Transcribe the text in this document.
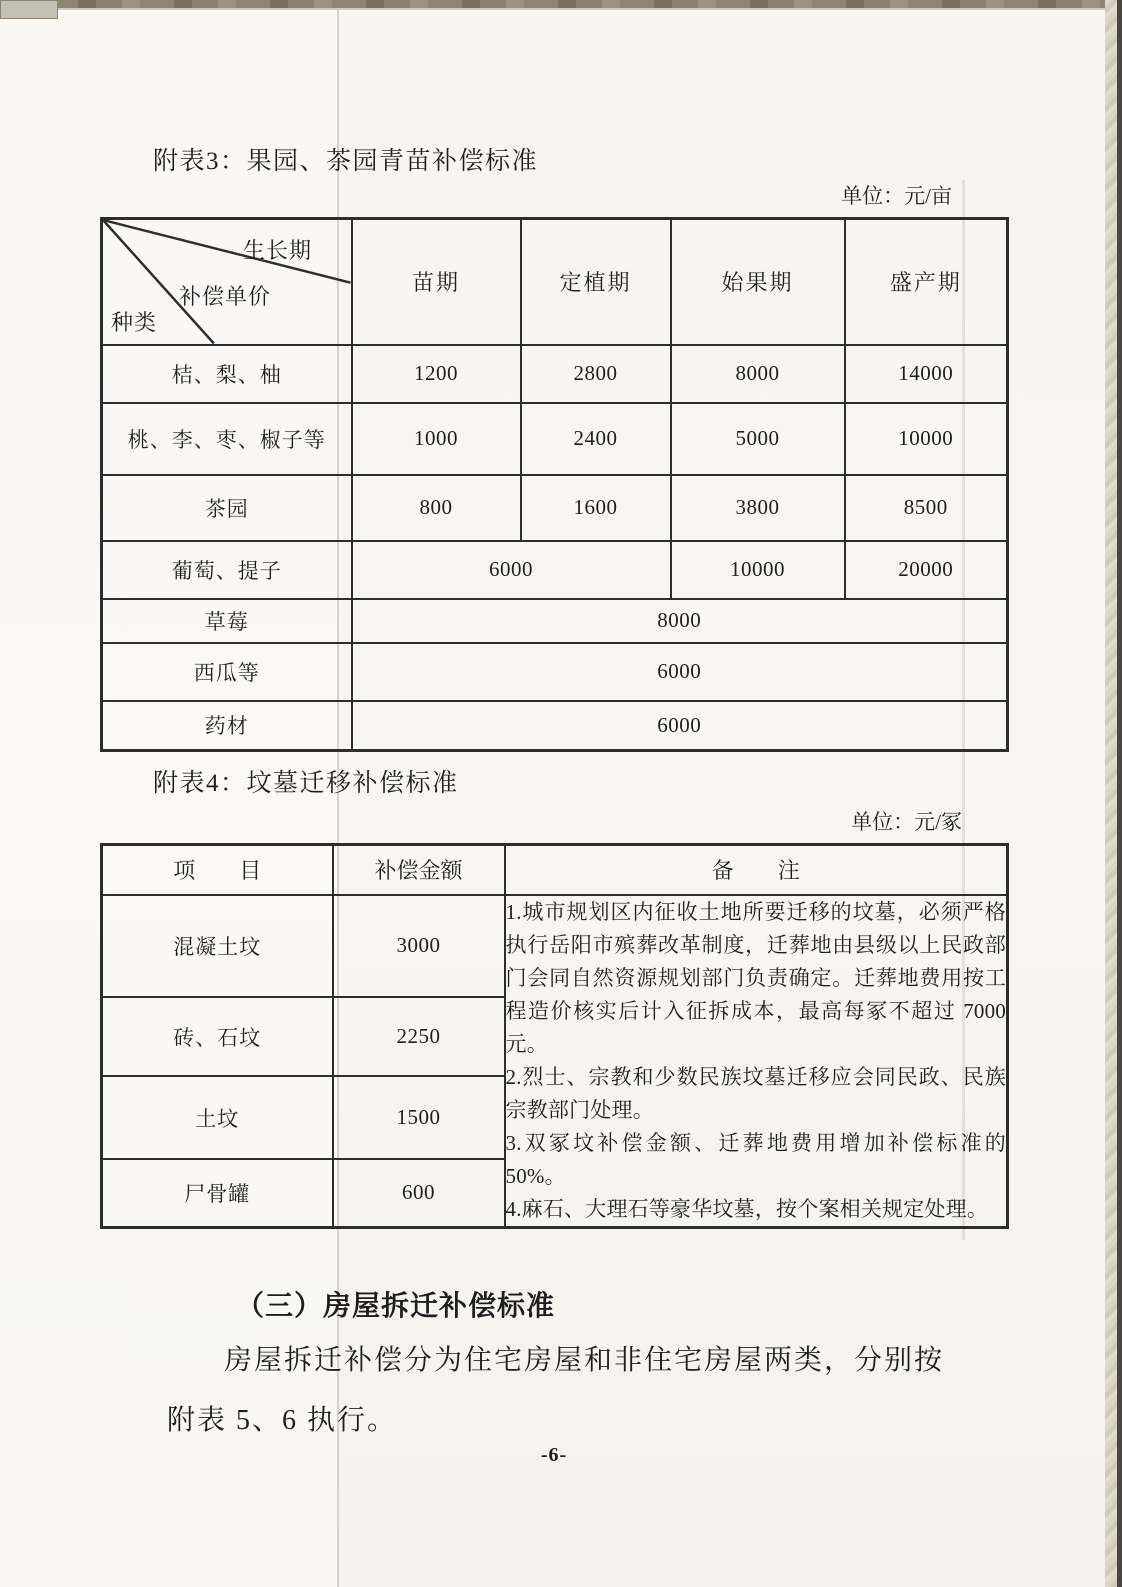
附表3：果园、茶园青苗补偿标准
单位：元/亩
生长期
补偿单价
种类	苗期	定植期	始果期	盛产期
桔、梨、柚	1200	2800	8000	14000
桃、李、枣、椒子等	1000	2400	5000	10000
茶园	800	1600	3800	8500
葡萄、提子	6000		10000	20000
草莓	8000			
西瓜等	6000			
药材	6000			
附表4：坟墓迁移补偿标准
单位：元/冢
项　　目	补偿金额	备　　注
混凝土坟	3000	1.城市规划区内征收土地所要迁移的坟墓，必须严格执行岳阳市殡葬改革制度，迁葬地由县级以上民政部门会同自然资源规划部门负责确定。迁葬地费用按工程造价核实后计入征拆成本，最高每冢不超过 7000 元。
2.烈士、宗教和少数民族坟墓迁移应会同民政、民族宗教部门处理。
3.双冢坟补偿金额、迁葬地费用增加补偿标准的 50%。
4.麻石、大理石等豪华坟墓，按个案相关规定处理。

砖、石坟	2250	
土坟	1500	
尸骨罐	600	
（三）房屋拆迁补偿标准
房屋拆迁补偿分为住宅房屋和非住宅房屋两类，分别按
附表 5、6 执行。
-6-
